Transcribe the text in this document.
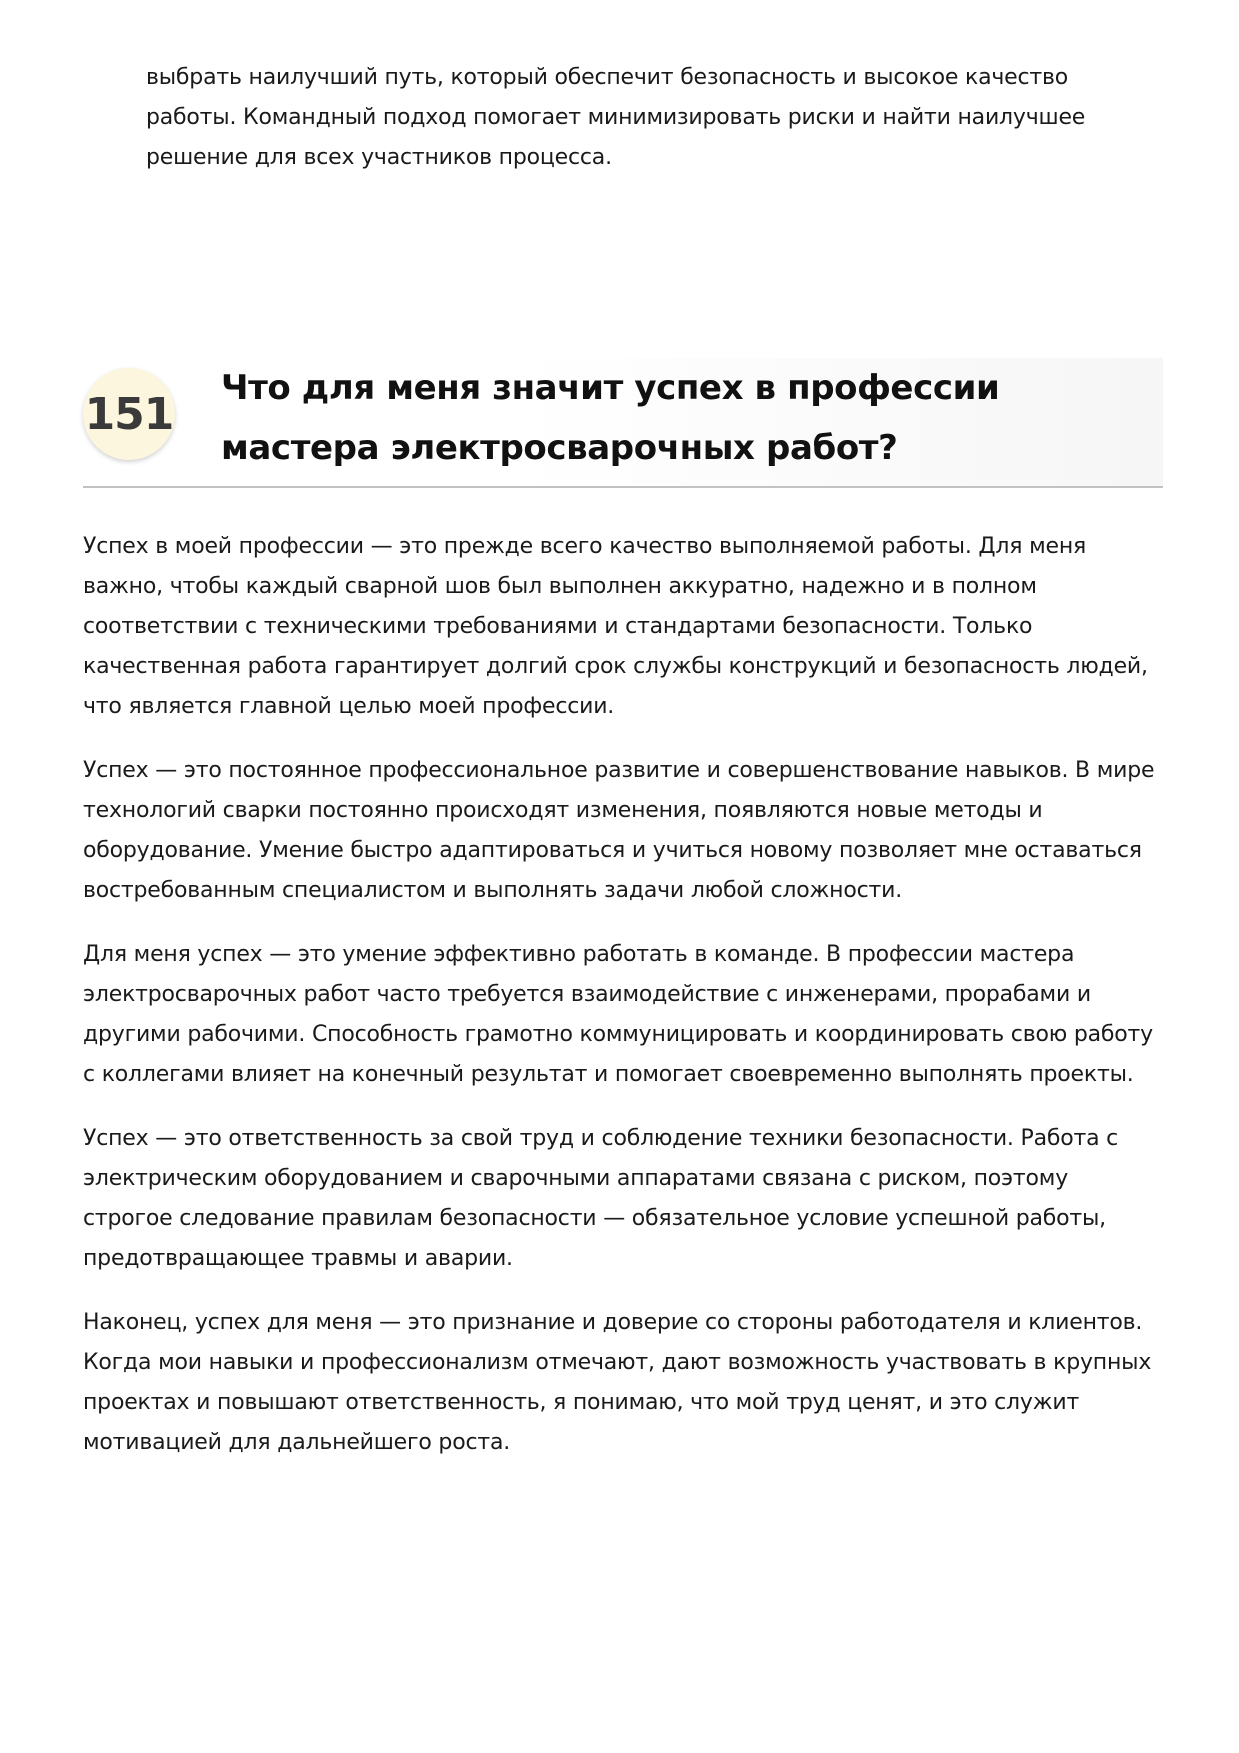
выбрать наилучший путь, который обеспечит безопасность и высокое качество работы. Командный подход помогает минимизировать риски и найти наилучшее решение для всех участников процесса.

151
Что для меня значит успех в профессии мастера электросварочных работ?

Успех в моей профессии — это прежде всего качество выполняемой работы. Для меня важно, чтобы каждый сварной шов был выполнен аккуратно, надежно и в полном соответствии с техническими требованиями и стандартами безопасности. Только качественная работа гарантирует долгий срок службы конструкций и безопасность людей, что является главной целью моей профессии.

Успех — это постоянное профессиональное развитие и совершенствование навыков. В мире технологий сварки постоянно происходят изменения, появляются новые методы и оборудование. Умение быстро адаптироваться и учиться новому позволяет мне оставаться востребованным специалистом и выполнять задачи любой сложности.

Для меня успех — это умение эффективно работать в команде. В профессии мастера электросварочных работ часто требуется взаимодействие с инженерами, прорабами и другими рабочими. Способность грамотно коммуницировать и координировать свою работу с коллегами влияет на конечный результат и помогает своевременно выполнять проекты.

Успех — это ответственность за свой труд и соблюдение техники безопасности. Работа с электрическим оборудованием и сварочными аппаратами связана с риском, поэтому строгое следование правилам безопасности — обязательное условие успешной работы, предотвращающее травмы и аварии.

Наконец, успех для меня — это признание и доверие со стороны работодателя и клиентов. Когда мои навыки и профессионализм отмечают, дают возможность участвовать в крупных проектах и повышают ответственность, я понимаю, что мой труд ценят, и это служит мотивацией для дальнейшего роста.
